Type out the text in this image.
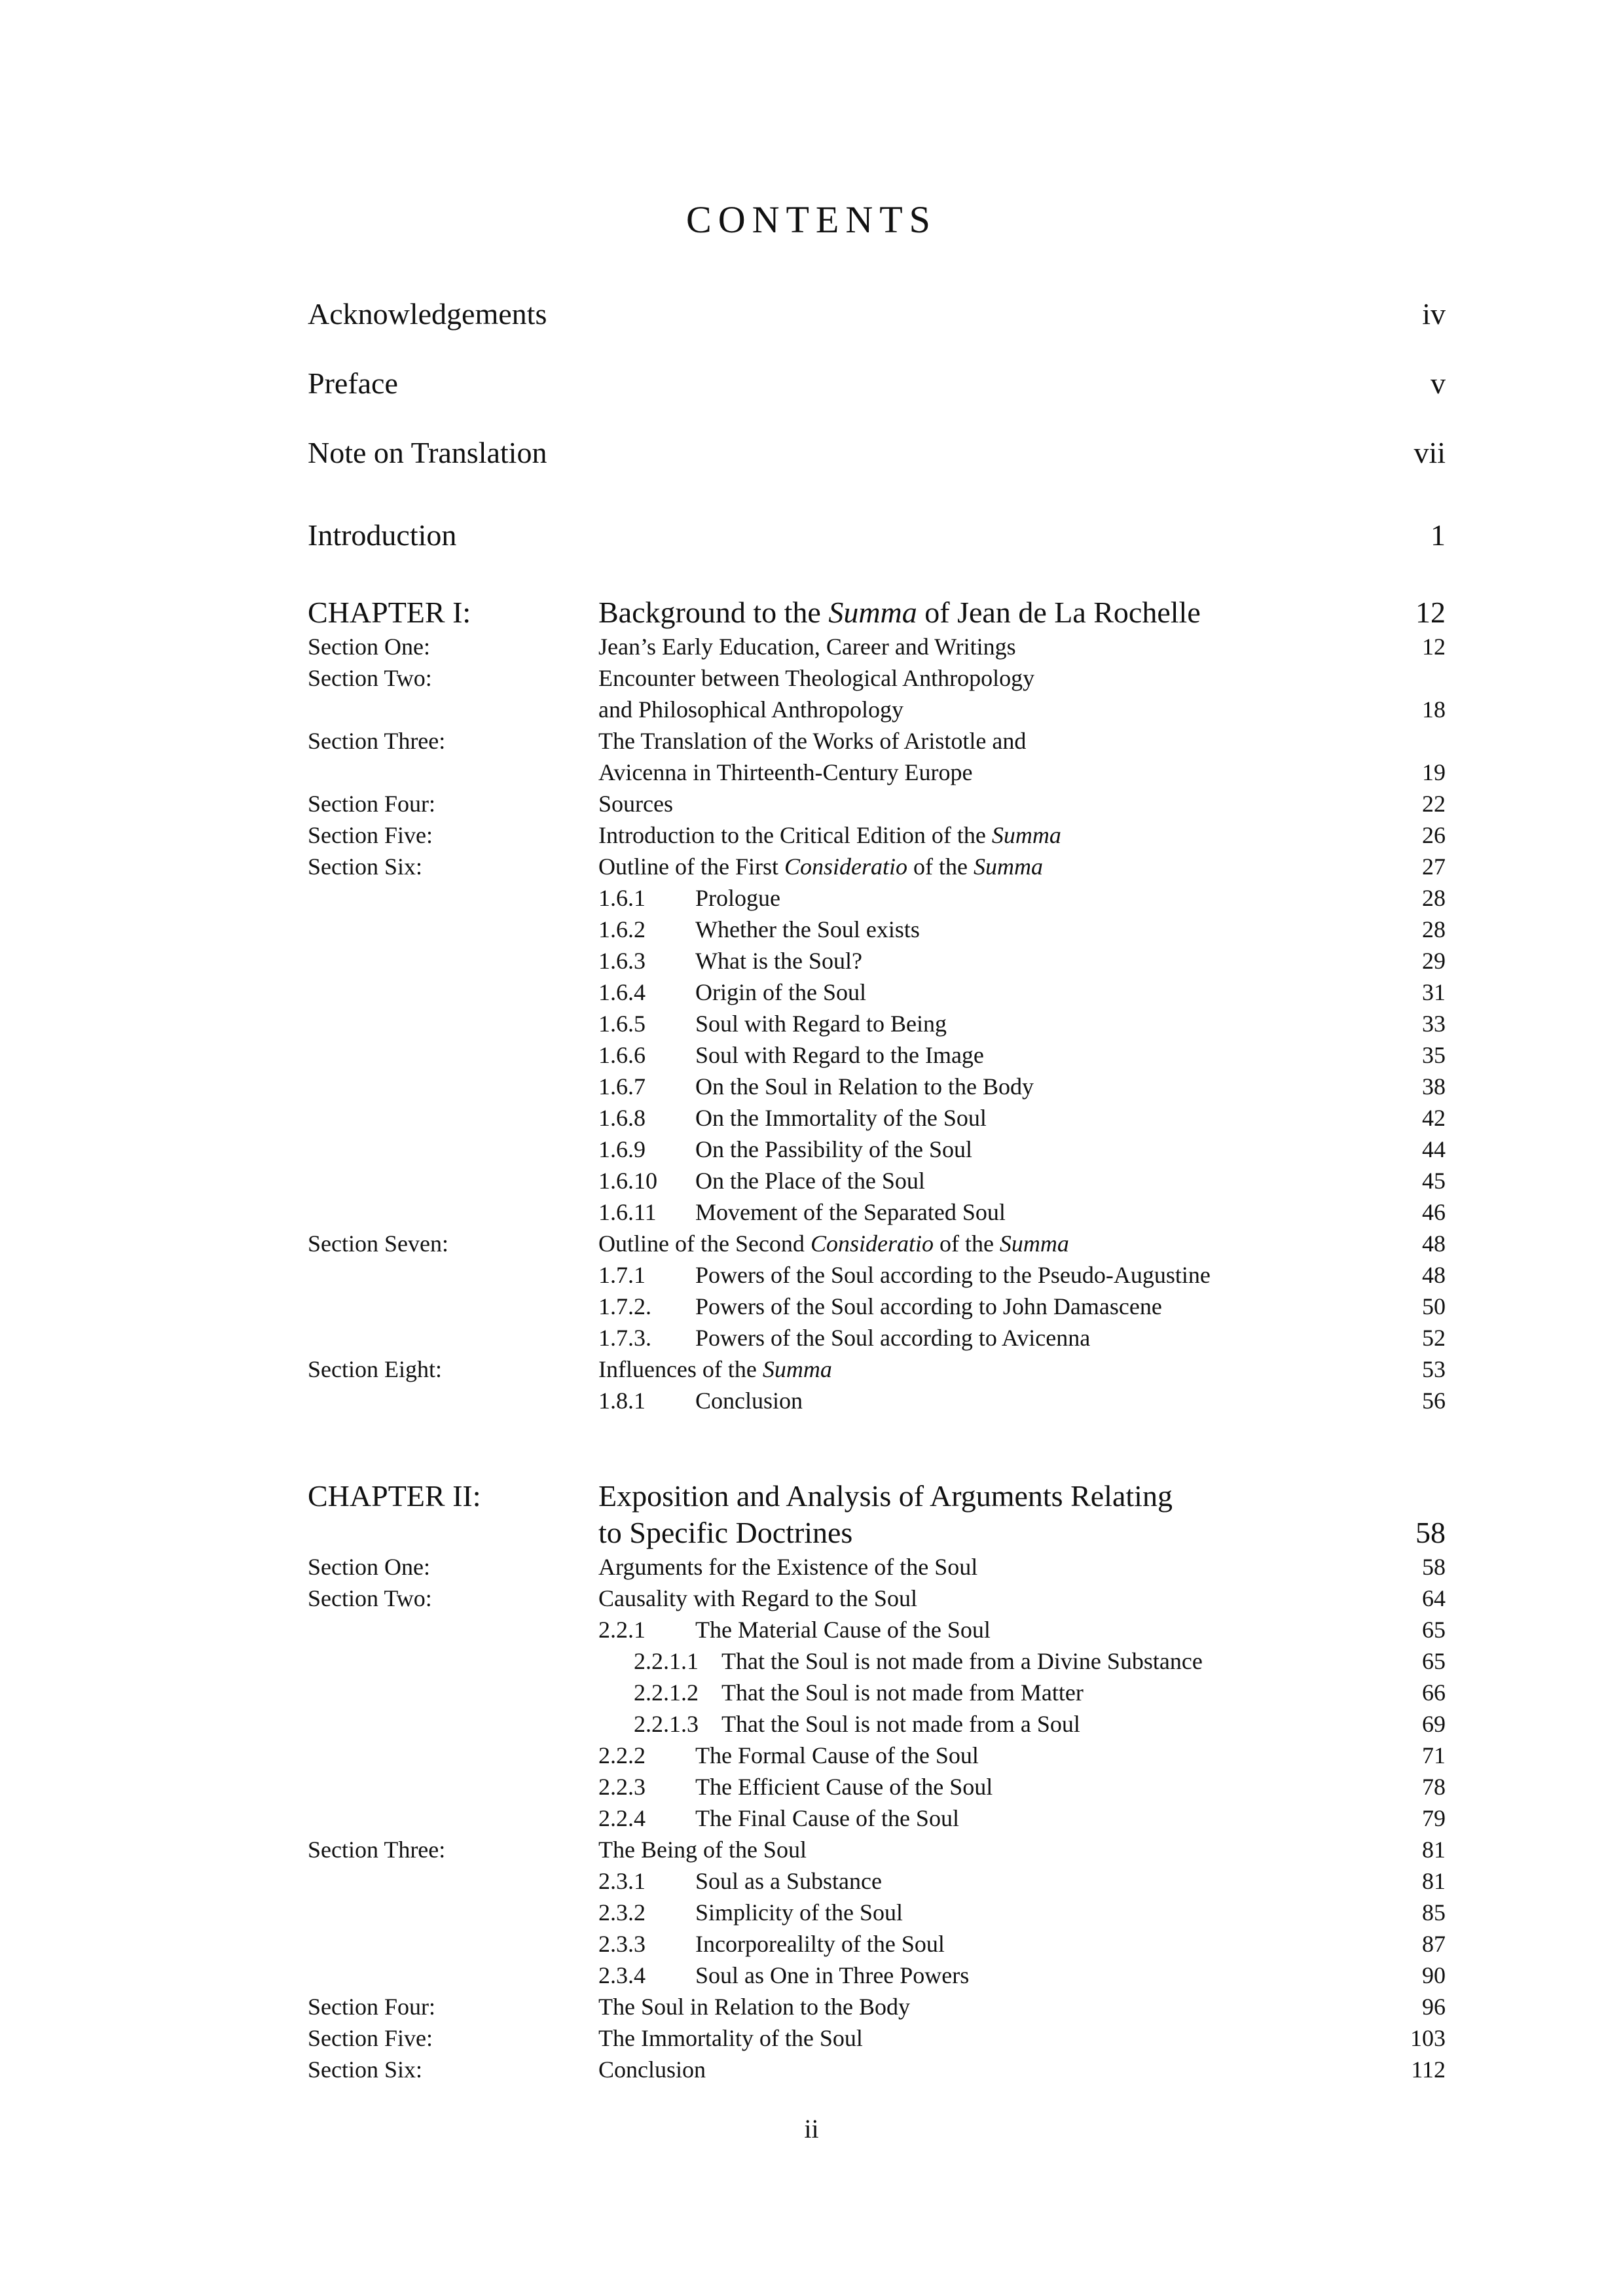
CONTENTS
Acknowledgements	iv
Preface	v
Note on Translation	vii
Introduction	1
CHAPTER I:	Background to the Summa of Jean de La Rochelle	12
Section One:	Jean’s Early Education, Career and Writings	12
Section Two:	Encounter between Theological Anthropology
and Philosophical Anthropology	18
Section Three:	The Translation of the Works of Aristotle and
Avicenna in Thirteenth-Century Europe	19
Section Four:	Sources	22
Section Five:	Introduction to the Critical Edition of the Summa	26
Section Six:	Outline of the First Consideratio of the Summa	27
1.6.1 Prologue	28
1.6.2 Whether the Soul exists	28
1.6.3 What is the Soul?	29
1.6.4 Origin of the Soul	31
1.6.5 Soul with Regard to Being	33
1.6.6 Soul with Regard to the Image	35
1.6.7 On the Soul in Relation to the Body	38
1.6.8 On the Immortality of the Soul	42
1.6.9 On the Passibility of the Soul	44
1.6.10 On the Place of the Soul	45
1.6.11 Movement of the Separated Soul	46
Section Seven:	Outline of the Second Consideratio of the Summa	48
1.7.1 Powers of the Soul according to the Pseudo-Augustine	48
1.7.2. Powers of the Soul according to John Damascene	50
1.7.3. Powers of the Soul according to Avicenna	52
Section Eight:	Influences of the Summa	53
1.8.1 Conclusion	56
CHAPTER II:	Exposition and Analysis of Arguments Relating
to Specific Doctrines	58
Section One:	Arguments for the Existence of the Soul	58
Section Two:	Causality with Regard to the Soul	64
2.2.1 The Material Cause of the Soul	65
2.2.1.1 That the Soul is not made from a Divine Substance	65
2.2.1.2 That the Soul is not made from Matter	66
2.2.1.3 That the Soul is not made from a Soul	69
2.2.2 The Formal Cause of the Soul	71
2.2.3 The Efficient Cause of the Soul	78
2.2.4 The Final Cause of the Soul	79
Section Three:	The Being of the Soul	81
2.3.1 Soul as a Substance	81
2.3.2 Simplicity of the Soul	85
2.3.3 Incorporealilty of the Soul	87
2.3.4 Soul as One in Three Powers	90
Section Four:	The Soul in Relation to the Body	96
Section Five:	The Immortality of the Soul	103
Section Six:	Conclusion	112
ii
